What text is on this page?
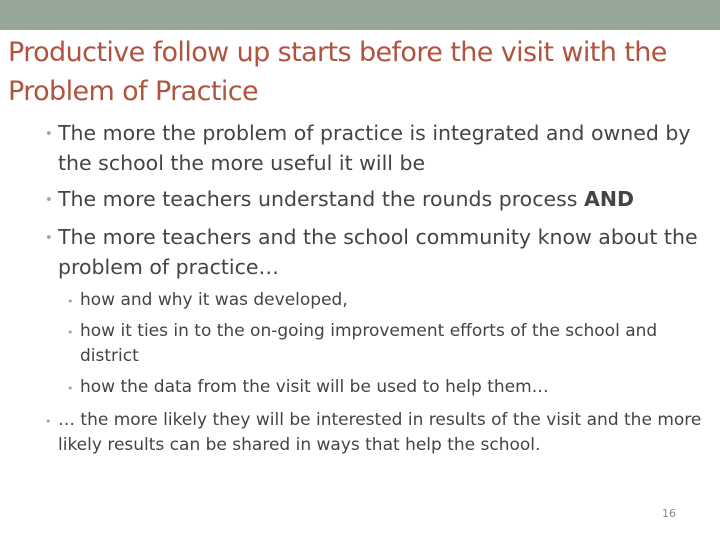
Productive follow up starts before the visit with the Problem of Practice
• The more the problem of practice is integrated and owned by the school the more useful it will be
• The more teachers understand the rounds process AND
• The more teachers and the school community know about the problem of practice…
• how and why it was developed,
• how it ties in to the on-going improvement efforts of the school and district
• how the data from the visit will be used to help them…
• … the more likely they will be interested in results of the visit and the more likely results can be shared in ways that help the school.
16
